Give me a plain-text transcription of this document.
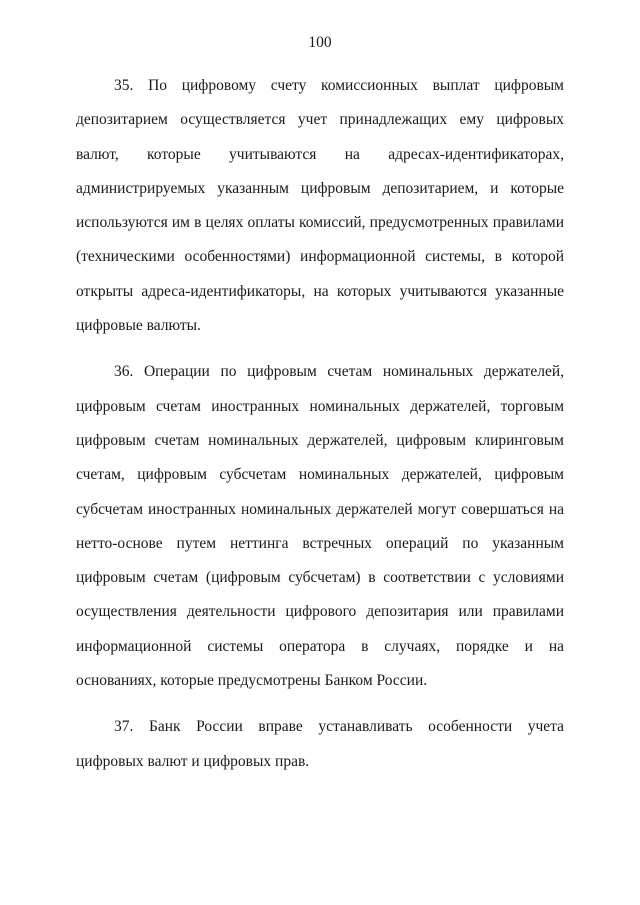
100

35. По цифровому счету комиссионных выплат цифровым депозитарием осуществляется учет принадлежащих ему цифровых валют, которые учитываются на адресах-идентификаторах, администрируемых указанным цифровым депозитарием, и которые используются им в целях оплаты комиссий, предусмотренных правилами (техническими особенностями) информационной системы, в которой открыты адреса-идентификаторы, на которых учитываются указанные цифровые валюты.

36. Операции по цифровым счетам номинальных держателей, цифровым счетам иностранных номинальных держателей, торговым цифровым счетам номинальных держателей, цифровым клиринговым счетам, цифровым субсчетам номинальных держателей, цифровым субсчетам иностранных номинальных держателей могут совершаться на нетто-основе путем неттинга встречных операций по указанным цифровым счетам (цифровым субсчетам) в соответствии с условиями осуществления деятельности цифрового депозитария или правилами информационной системы оператора в случаях, порядке и на основаниях, которые предусмотрены Банком России.

37. Банк России вправе устанавливать особенности учета цифровых валют и цифровых прав.
